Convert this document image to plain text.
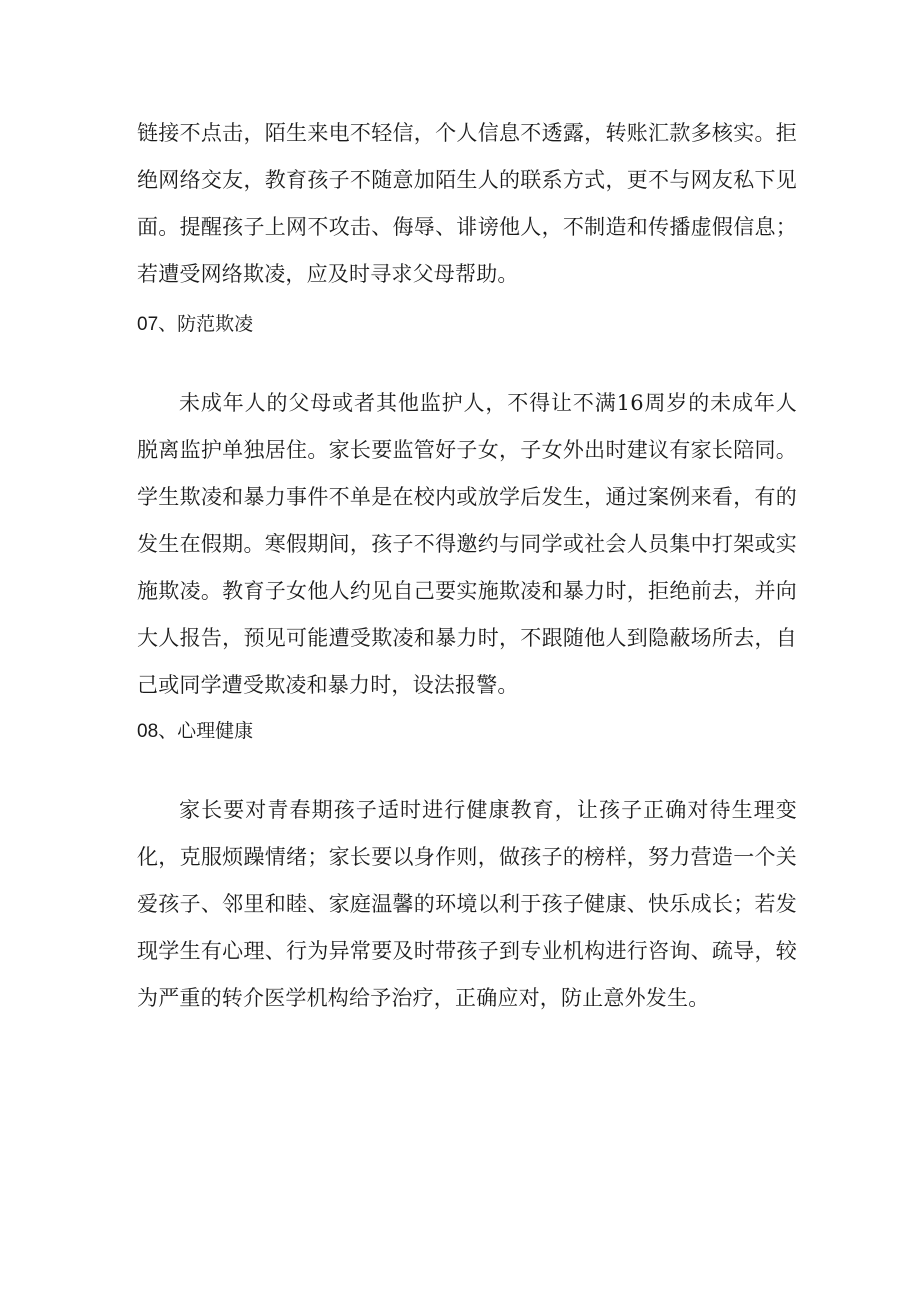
链接不点击，陌生来电不轻信，个人信息不透露，转账汇款多核实。拒绝网络交友，教育孩子不随意加陌生人的联系方式，更不与网友私下见面。提醒孩子上网不攻击、侮辱、诽谤他人，不制造和传播虚假信息；若遭受网络欺凌，应及时寻求父母帮助。

07、防范欺凌

未成年人的父母或者其他监护人，不得让不满16周岁的未成年人脱离监护单独居住。家长要监管好子女，子女外出时建议有家长陪同。学生欺凌和暴力事件不单是在校内或放学后发生，通过案例来看，有的发生在假期。寒假期间，孩子不得邀约与同学或社会人员集中打架或实施欺凌。教育子女他人约见自己要实施欺凌和暴力时，拒绝前去，并向大人报告，预见可能遭受欺凌和暴力时，不跟随他人到隐蔽场所去，自己或同学遭受欺凌和暴力时，设法报警。

08、心理健康

家长要对青春期孩子适时进行健康教育，让孩子正确对待生理变化，克服烦躁情绪；家长要以身作则，做孩子的榜样，努力营造一个关爱孩子、邻里和睦、家庭温馨的环境以利于孩子健康、快乐成长；若发现学生有心理、行为异常要及时带孩子到专业机构进行咨询、疏导，较为严重的转介医学机构给予治疗，正确应对，防止意外发生。
